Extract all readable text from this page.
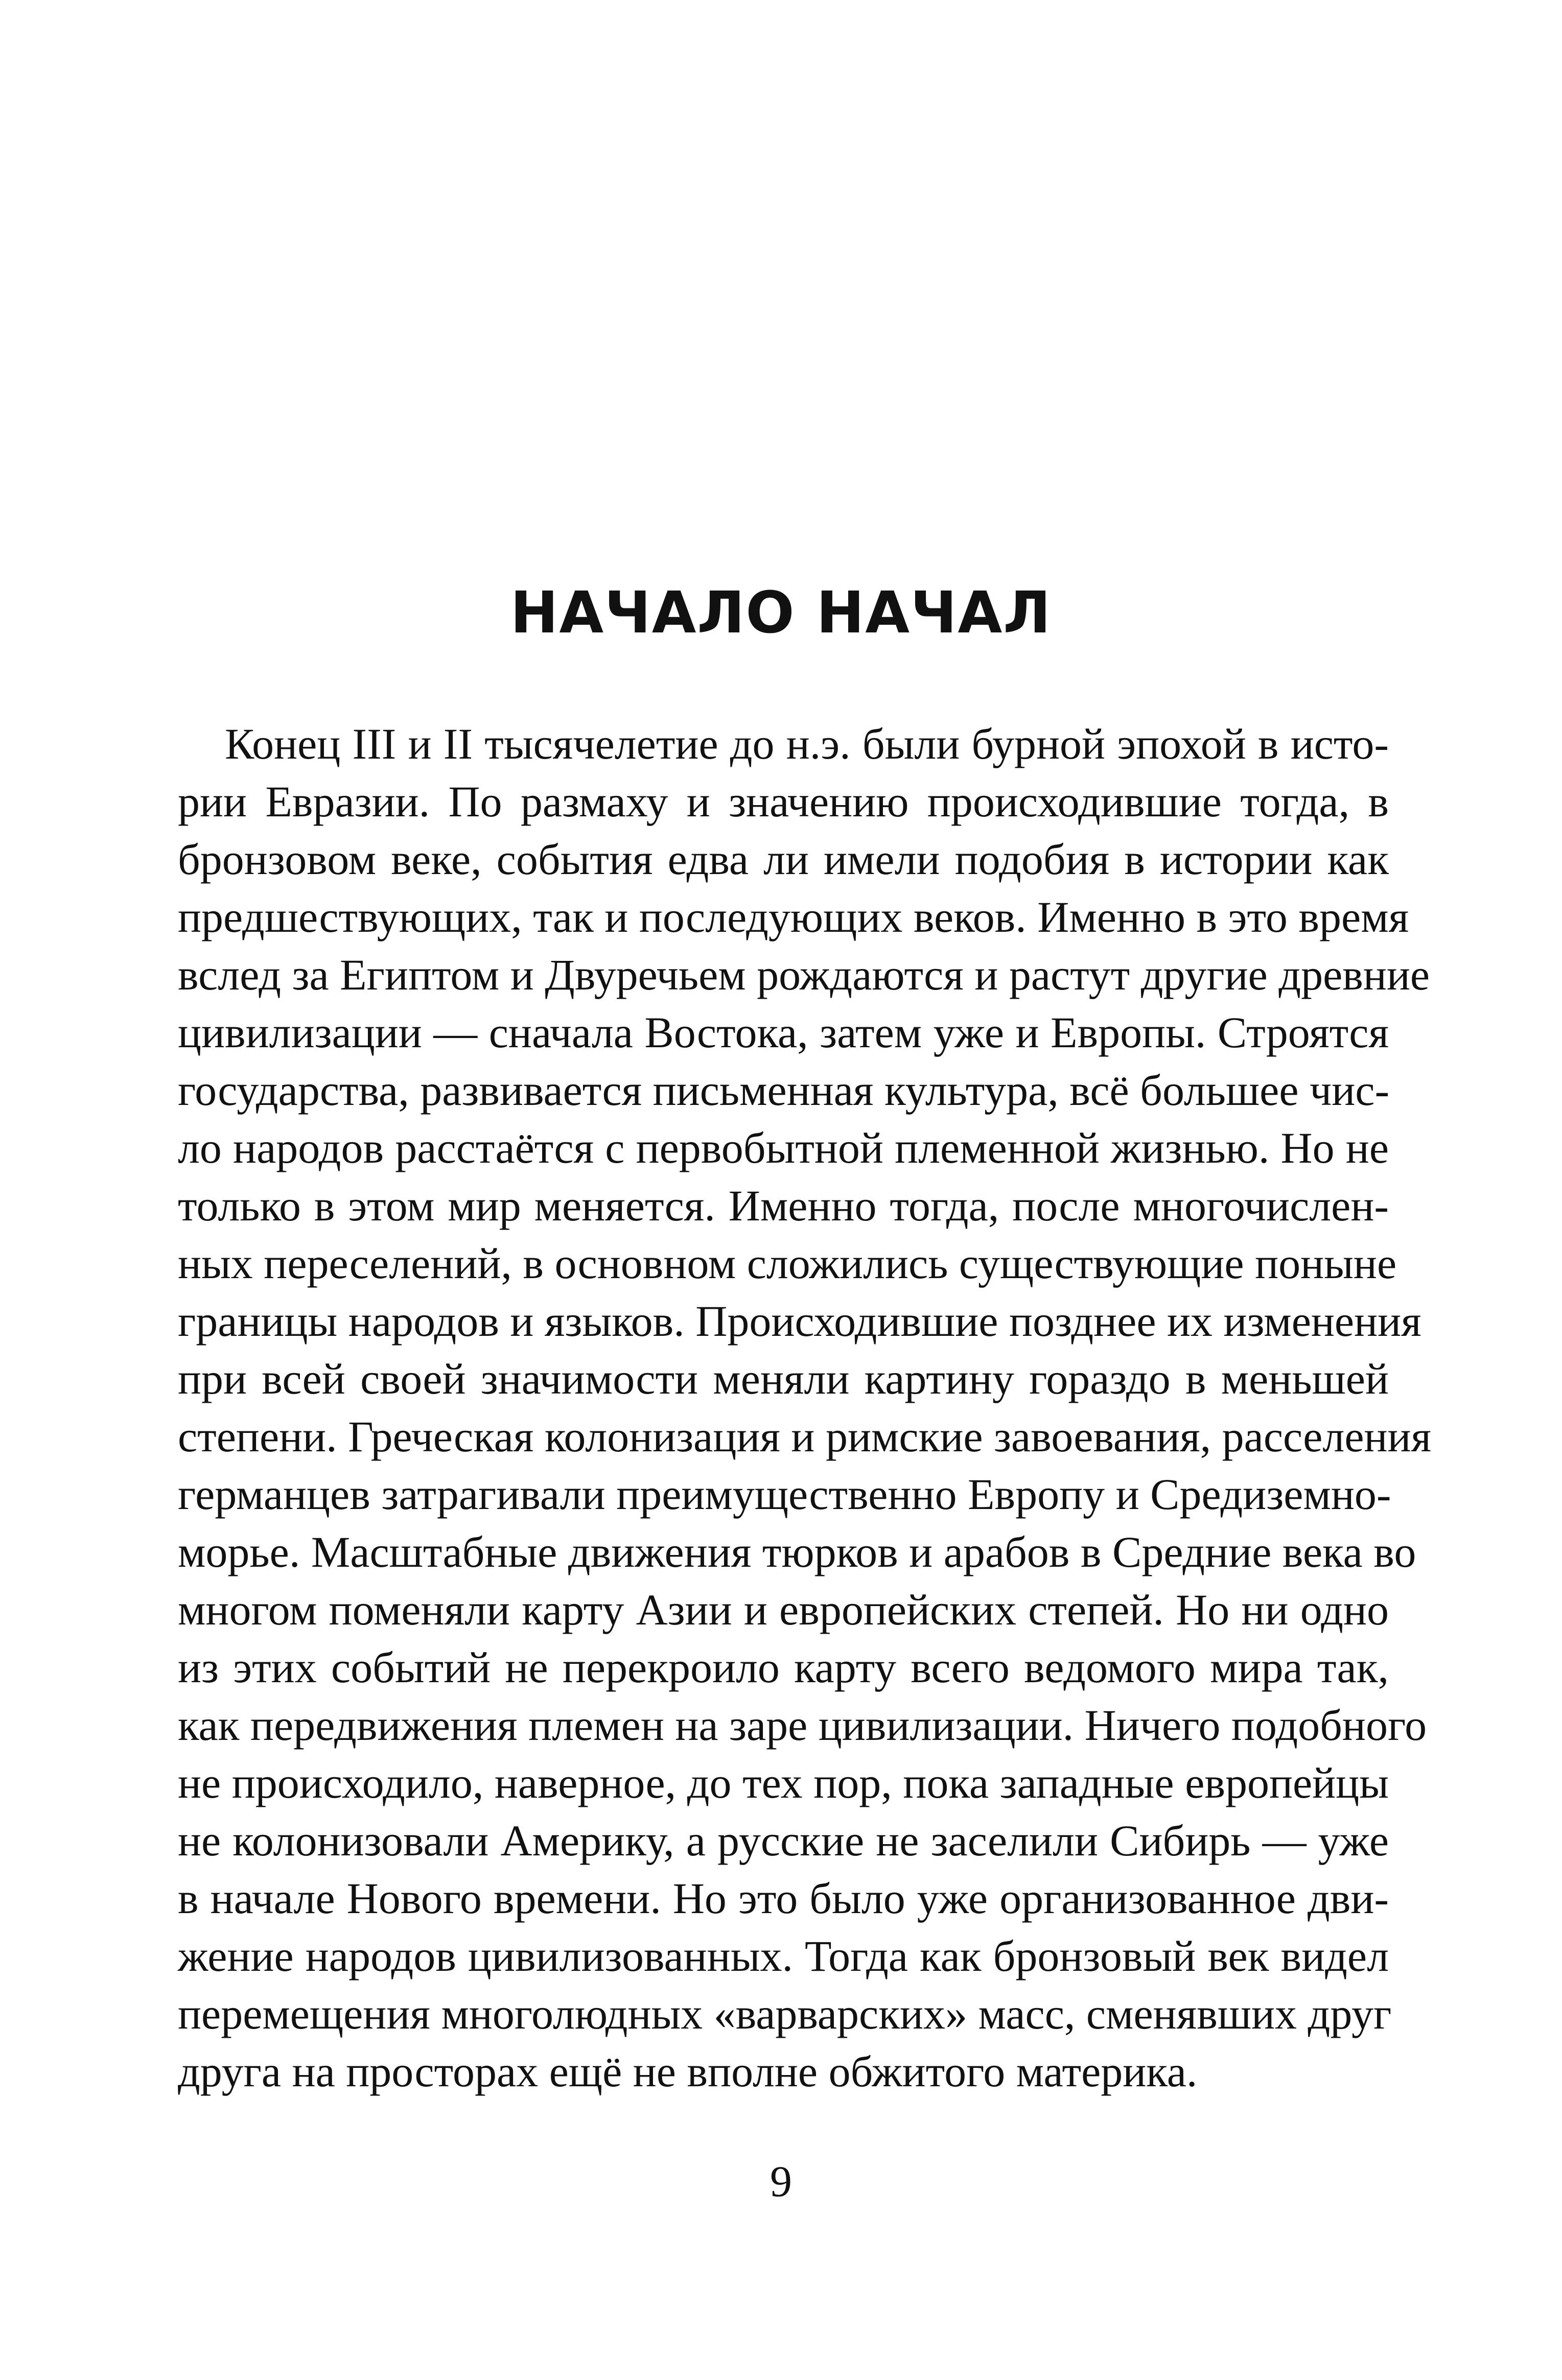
НАЧАЛО НАЧАЛ
Конец III и II тысячелетие до н.э. были бурной эпохой в исто-
рии Евразии. По размаху и значению происходившие тогда, в
бронзовом веке, события едва ли имели подобия в истории как
предшествующих, так и последующих веков. Именно в это время
вслед за Египтом и Двуречьем рождаются и растут другие древние
цивилизации — сначала Востока, затем уже и Европы. Строятся
государства, развивается письменная культура, всё большее чис-
ло народов расстаётся с первобытной племенной жизнью. Но не
только в этом мир меняется. Именно тогда, после многочислен-
ных переселений, в основном сложились существующие поныне
границы народов и языков. Происходившие позднее их изменения
при всей своей значимости меняли картину гораздо в меньшей
степени. Греческая колонизация и римские завоевания, расселения
германцев затрагивали преимущественно Европу и Средиземно-
морье. Масштабные движения тюрков и арабов в Средние века во
многом поменяли карту Азии и европейских степей. Но ни одно
из этих событий не перекроило карту всего ведомого мира так,
как передвижения племен на заре цивилизации. Ничего подобного
не происходило, наверное, до тех пор, пока западные европейцы
не колонизовали Америку, а русские не заселили Сибирь — уже
в начале Нового времени. Но это было уже организованное дви-
жение народов цивилизованных. Тогда как бронзовый век видел
перемещения многолюдных «варварских» масс, сменявших друг
друга на просторах ещё не вполне обжитого материка.
9
